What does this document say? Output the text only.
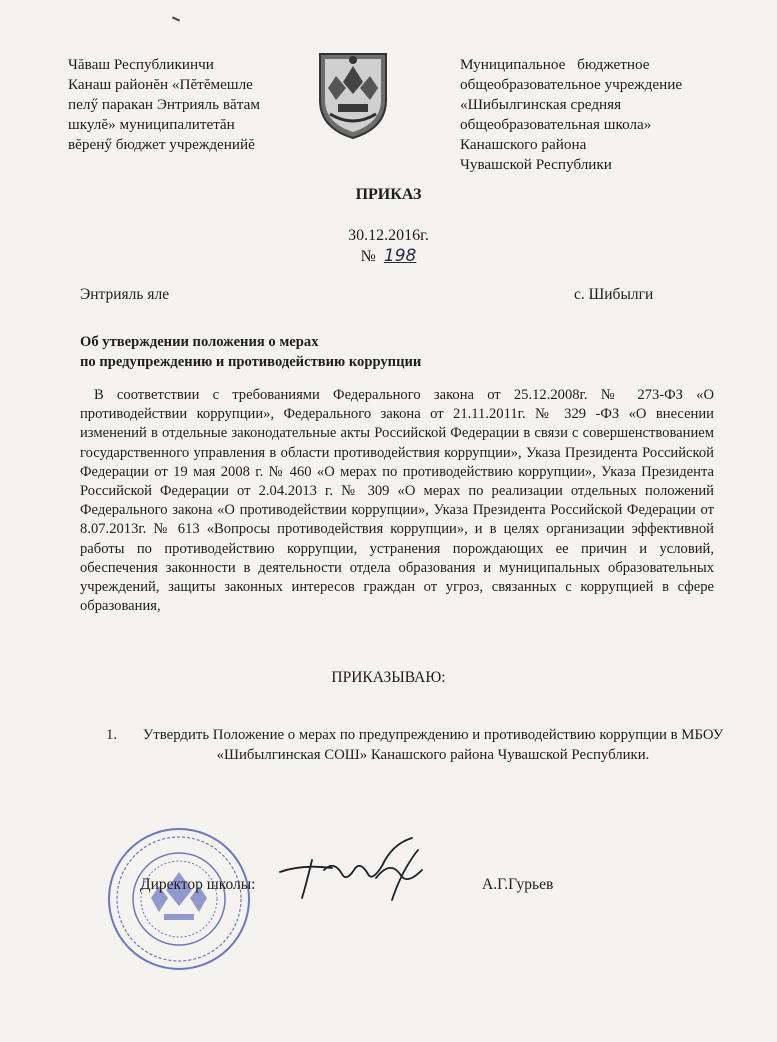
Чăваш Республикинчи
Канаш районĕн «Пĕтĕмешле
пелӳ паракан Энтрияль вăтам
шкулĕ» муниципалитетăн
вĕренӳ бюджет учрежденийĕ
Муниципальное бюджетное
общеобразовательное учреждение
«Шибылгинская средняя
общеобразовательная школа»
Канашского района
Чувашской Республики
ПРИКАЗ
30.12.2016г.
№ 198
Энтрияль яле	с. Шибылги
Об утверждении положения о мерах
по предупреждению и противодействию коррупции
В соответствии с требованиями Федерального закона от 25.12.2008г. № 273-ФЗ «О противодействии коррупции», Федерального закона от 21.11.2011г. № 329 -ФЗ «О внесении изменений в отдельные законодательные акты Российской Федерации в связи с совершенствованием государственного управления в области противодействия коррупции», Указа Президента Российской Федерации от 19 мая 2008 г. № 460 «О мерах по противодействию коррупции», Указа Президента Российской Федерации от 2.04.2013 г. № 309 «О мерах по реализации отдельных положений Федерального закона «О противодействии коррупции», Указа Президента Российской Федерации от 8.07.2013г. № 613 «Вопросы противодействия коррупции», и в целях организации эффективной работы по противодействию коррупции, устранения порождающих ее причин и условий, обеспечения законности в деятельности отдела образования и муниципальных образовательных учреждений, защиты законных интересов граждан от угроз, связанных с коррупцией в сфере образования,
ПРИКАЗЫВАЮ:
1.	Утвердить Положение о мерах по предупреждению и противодействию коррупции в МБОУ
«Шибылгинская СОШ» Канашского района Чувашской Республики.
Директор школы:	А.Г.Гурьев
